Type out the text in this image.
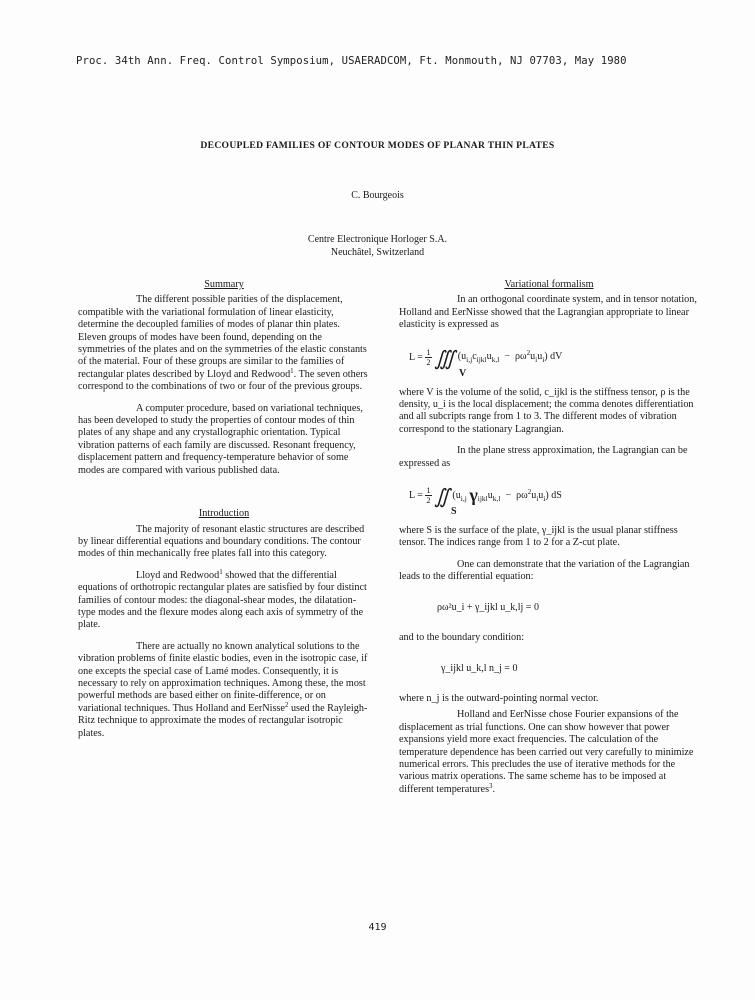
Proc. 34th Ann. Freq. Control Symposium, USAERADCOM, Ft. Monmouth, NJ 07703, May 1980
DECOUPLED FAMILIES OF CONTOUR MODES OF PLANAR THIN PLATES
C. Bourgeois
Centre Electronique Horloger S.A.
Neuchâtel, Switzerland
Summary

The different possible parities of the displacement, compatible with the variational formulation of linear elasticity, determine the decoupled families of modes of planar thin plates. Eleven groups of modes have been found, depending on the symmetries of the plates and on the symmetries of the elastic constants of the material. Four of these groups are similar to the families of rectangular plates described by Lloyd and Redwood$^1$. The seven others correspond to the combinations of two or four of the previous groups.

A computer procedure, based on variational techniques, has been developed to study the properties of contour modes of thin plates of any shape and any crystallographic orientation. Typical vibration patterns of each family are discussed. Resonant frequency, displacement pattern and frequency-temperature behavior of some modes are compared with various published data.

Introduction

The majority of resonant elastic structures are described by linear differential equations and boundary conditions. The contour modes of thin mechanically free plates fall into this category.

Lloyd and Redwood$^1$ showed that the differential equations of orthotropic rectangular plates are satisfied by four distinct families of contour modes: the diagonal-shear modes, the dilatation-type modes and the flexure modes along each axis of symmetry of the plate.

There are actually no known analytical solutions to the vibration problems of finite elastic bodies, even in the isotropic case, if one excepts the special case of Lamé modes. Consequently, it is necessary to rely on approximation techniques. Among these, the most powerful methods are based either on finite-difference, or on variational techniques. Thus Holland and EerNisse$^2$ used the Rayleigh-Ritz technique to approximate the modes of rectangular isotropic plates.

Variational formalism

In an orthogonal coordinate system, and in tensor notation, Holland and EerNisse showed that the Lagrangian appropriate to linear elasticity is expressed as

$L = \frac{1}{2}$ ∭
V
$(u_{i,j}c_{ijkl}u_{k,l} - \rho\omega^2u_iu_i)$ dV

where V is the volume of the solid, c_ijkl is the stiffness tensor, ρ is the density, u_i is the local displacement; the comma denotes differentiation and all subcripts range from 1 to 3. The different modes of vibration correspond to the stationary Lagrangian.

In the plane stress approximation, the Lagrangian can be expressed as

$L = \frac{1}{2}$ ∬
S
($u_{i,j}$ $\gamma_{ijkl}u_{k,l} - \rho\omega^2u_iu_i$) dS

where S is the surface of the plate, γ_ijkl is the usual planar stiffness tensor. The indices range from 1 to 2 for a Z-cut plate.

One can demonstrate that the variation of the Lagrangian leads to the differential equation:

ρω²u_i + γ_ijkl u_k,lj = 0

and to the boundary condition:

γ_ijkl u_k,l n_j = 0

where n_j is the outward-pointing normal vector.

Holland and EerNisse chose Fourier expansions of the displacement as trial functions. One can show however that power expansions yield more exact frequencies. The calculation of the temperature dependence has been carried out very carefully to minimize numerical errors. This precludes the use of iterative methods for the various matrix operations. The same scheme has to be imposed at different temperatures$^3$.

419
